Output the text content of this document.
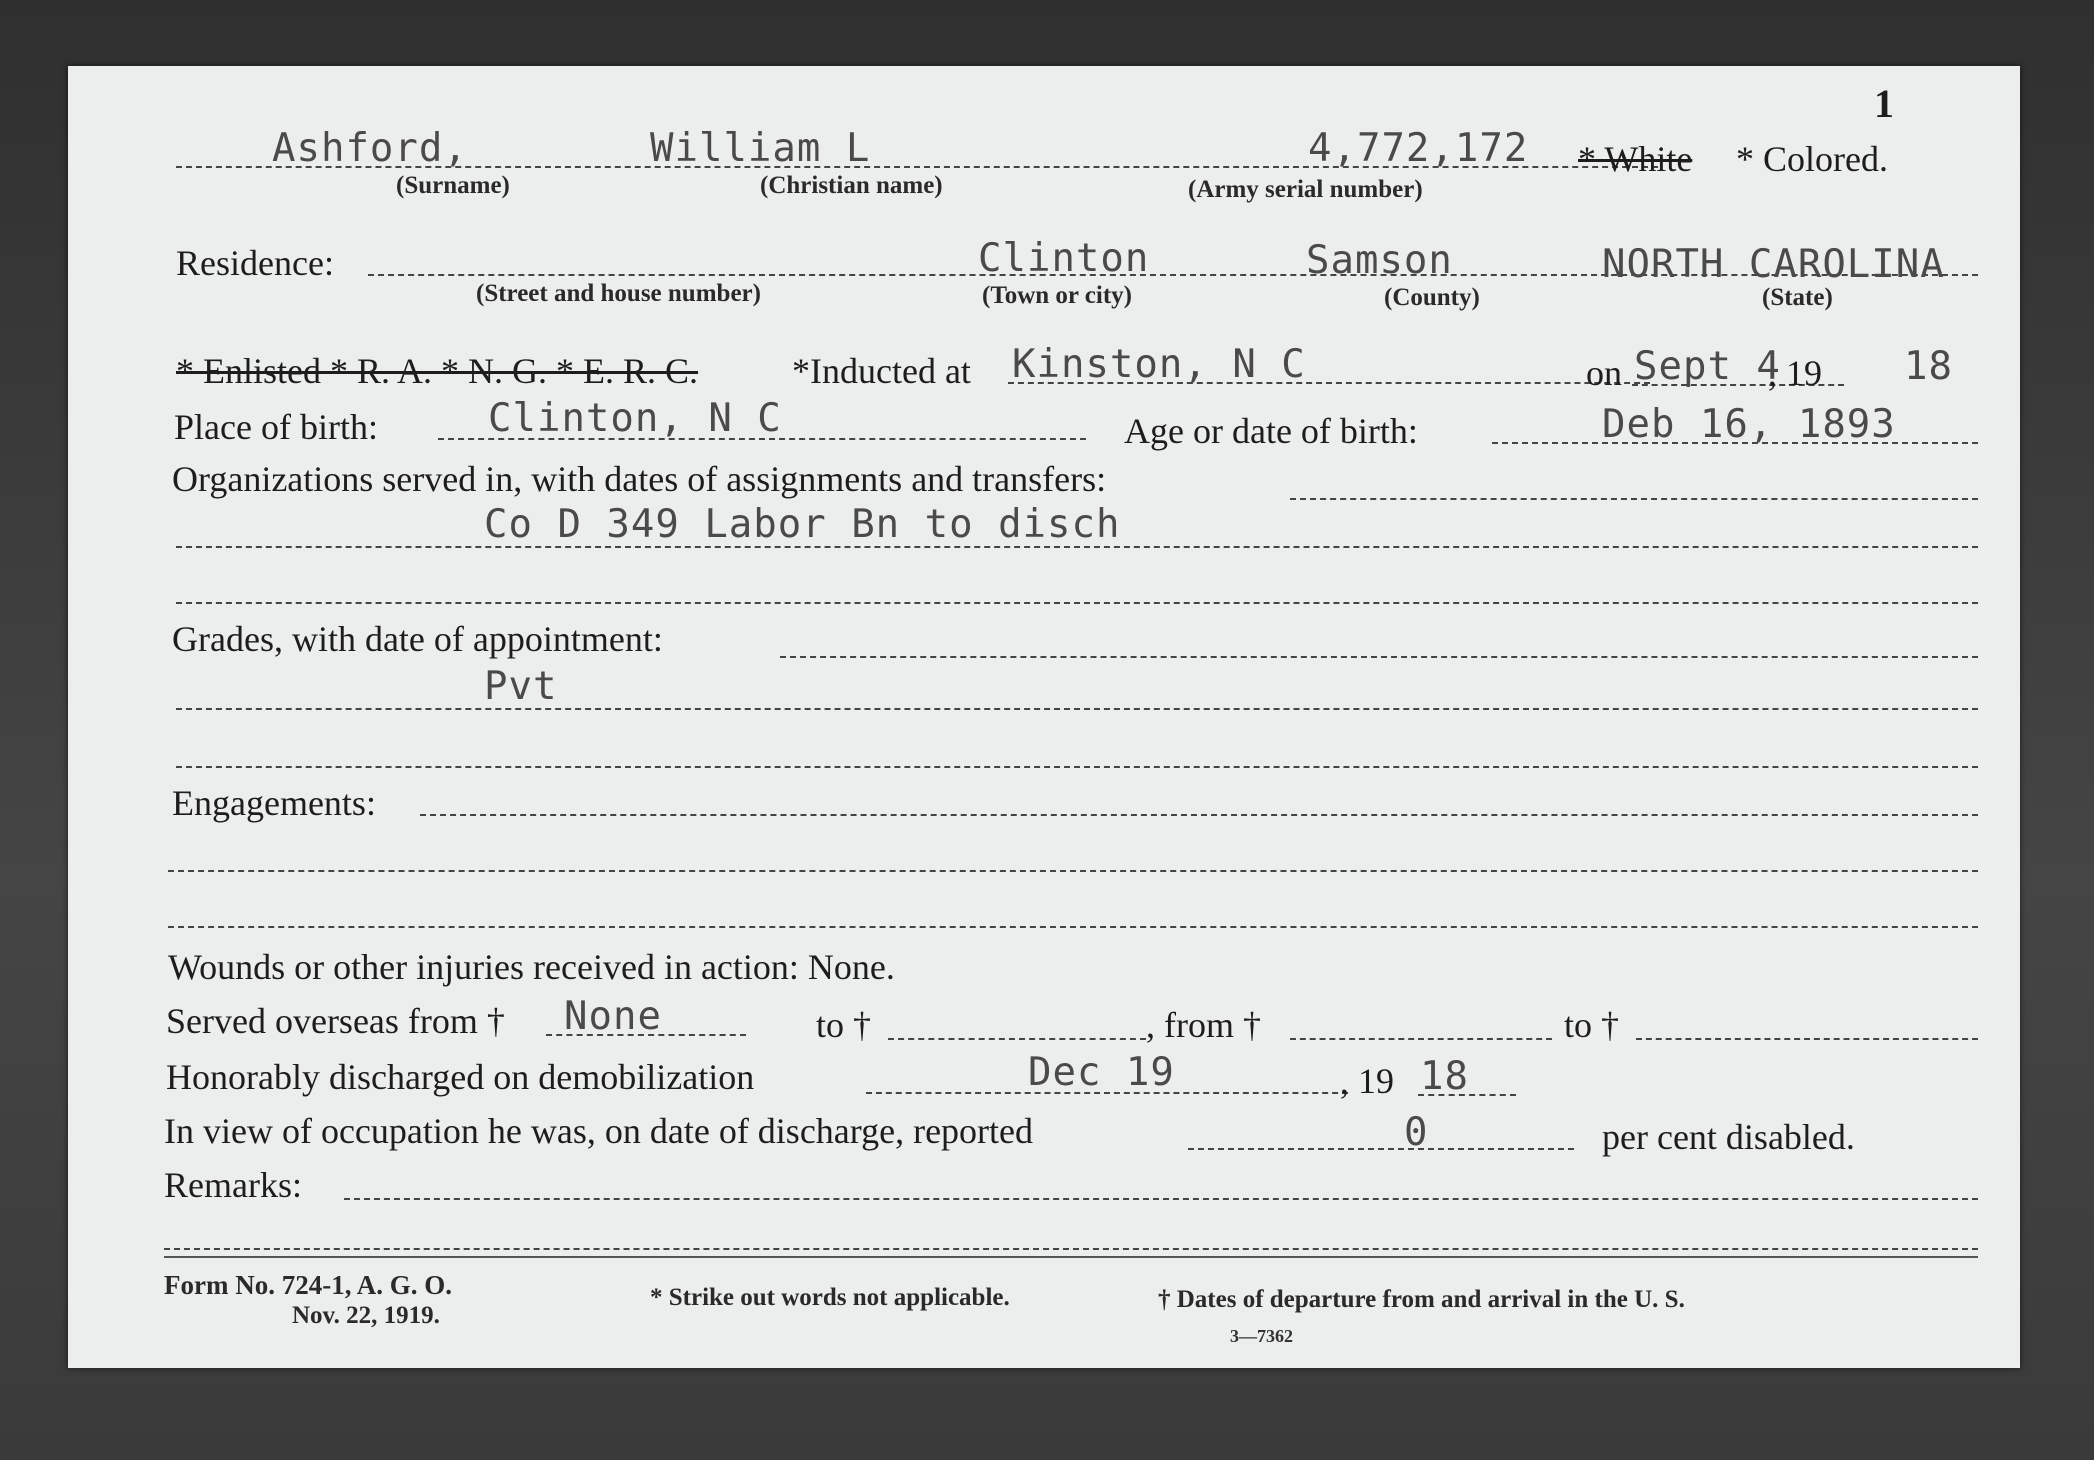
1
Ashford,	William L	4,772,172
(Surname)	(Christian name)	(Army serial number)
* White * Colored.
Residence:	Clinton	Samson	NORTH CAROLINA
(Street and house number)	(Town or city)	(County)	(State)
* Enlisted * R. A. * N. G. * E. R. C.	*Inducted at Kinston, N C	on Sept 4
, 19 18
Place of birth:	Clinton, N C	Age or date of birth:	Deb 16, 1893
Organizations served in, with dates of assignments and transfers:
Co D 349 Labor Bn to disch
Grades, with date of appointment:
Pvt
Engagements:
Wounds or other injuries received in action: None.
Served overseas from † None	to †	, from †	to †
Honorably discharged on demobilization	Dec 19	, 19 18
In view of occupation he was, on date of discharge, reported	0	per cent disabled.
Remarks:
Form No. 724-1, A. G. O.
Nov. 22, 1919.
* Strike out words not applicable.	† Dates of departure from and arrival in the U. S.
3—7362
